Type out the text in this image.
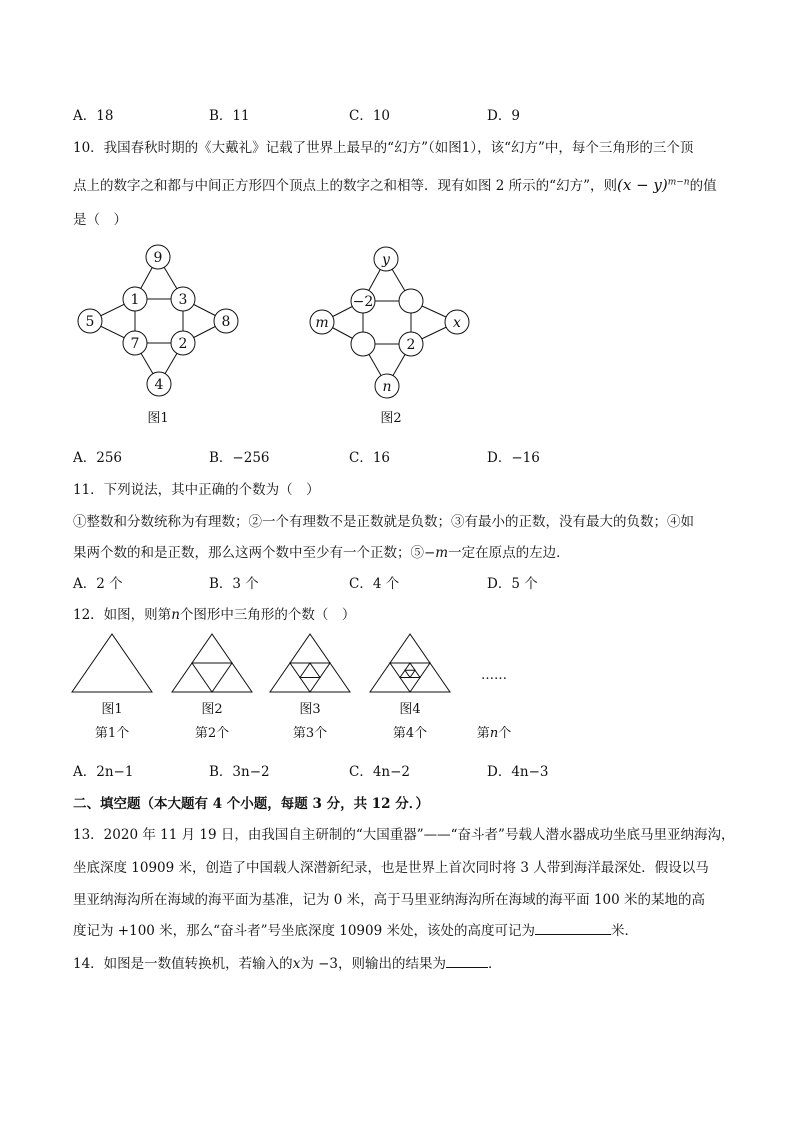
A．18	B．11	C．10	D．9
10．我国春秋时期的《大戴礼》记载了世界上最早的“幻方”（如图1），该“幻方”中，每个三角形的三个顶
点上的数字之和都与中间正方形四个顶点上的数字之和相等．现有如图 2 所示的“幻方”，则$(x - y)^{m-n}$的值
是（　）
9
1	3
5	8
7	2
4
图1
y
−2
m	x
2
n
图2
A．256	B．−256	C．16	D．−16
11．下列说法，其中正确的个数为（　）
①整数和分数统称为有理数；②一个有理数不是正数就是负数；③有最小的正数，没有最大的负数；④如
果两个数的和是正数，那么这两个数中至少有一个正数；⑤−m一定在原点的左边．
A．2 个	B．3 个	C．4 个	D．5 个
12．如图，则第n个图形中三角形的个数（　）
图1	图2	图3	图4
第1个	第2个	第3个	第4个
……
第n个
A．2n−1	B．3n−2	C．4n−2	D．4n−3
二、填空题（本大题有 4 个小题，每题 3 分，共 12 分．）
13．2020 年 11 月 19 日，由我国自主研制的“大国重器”——“奋斗者”号载人潜水器成功坐底马里亚纳海沟，
坐底深度 10909 米，创造了中国载人深潜新纪录，也是世界上首次同时将 3 人带到海洋最深处．假设以马
里亚纳海沟所在海域的海平面为基准，记为 0 米，高于马里亚纳海沟所在海域的海平面 100 米的某地的高
度记为 +100 米，那么“奋斗者”号坐底深度 10909 米处，该处的高度可记为	米．
14．如图是一数值转换机，若输入的x为 −3，则输出的结果为	．
